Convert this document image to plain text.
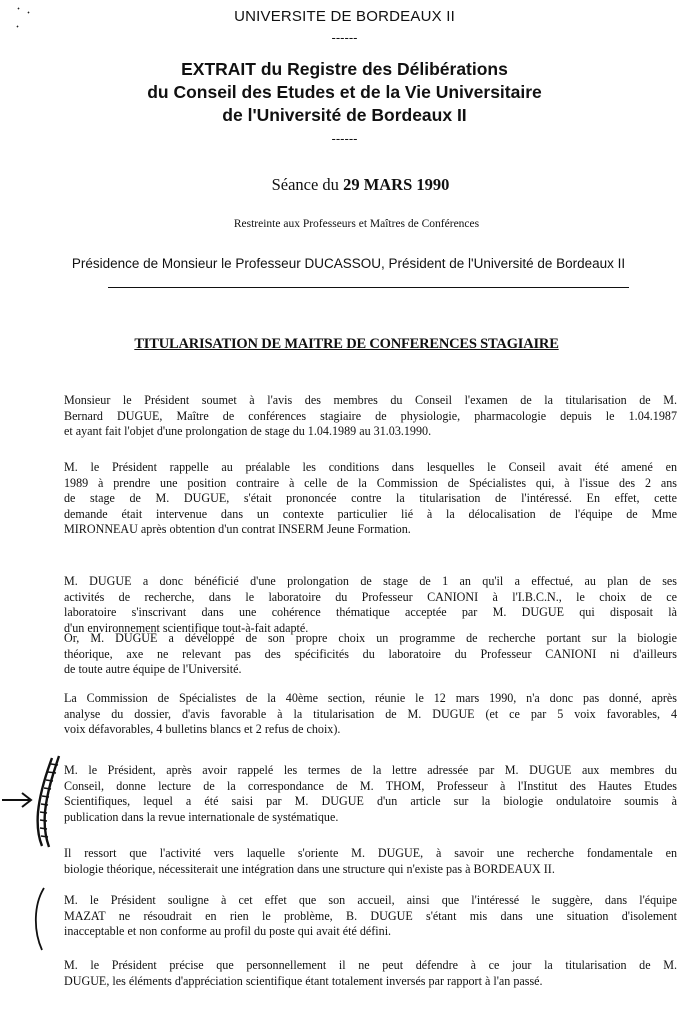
UNIVERSITE DE BORDEAUX II
------
EXTRAIT du Registre des Délibérations
du Conseil des Etudes et de la Vie Universitaire
de l'Université de Bordeaux II
------
Séance du 29 MARS 1990
Restreinte aux Professeurs et Maîtres de Conférences
Présidence de Monsieur le Professeur DUCASSOU, Président de l'Université de Bordeaux II
TITULARISATION DE MAITRE DE CONFERENCES STAGIAIRE
Monsieur le Président soumet à l'avis des membres du Conseil l'examen de la titularisation de M.
Bernard DUGUE, Maître de conférences stagiaire de physiologie, pharmacologie depuis le 1.04.1987
et ayant fait l'objet d'une prolongation de stage du 1.04.1989 au 31.03.1990.
M. le Président rappelle au préalable les conditions dans lesquelles le Conseil avait été amené en
1989 à prendre une position contraire à celle de la Commission de Spécialistes qui, à l'issue des 2 ans
de stage de M. DUGUE, s'était prononcée contre la titularisation de l'intéressé. En effet, cette
demande était intervenue dans un contexte particulier lié à la délocalisation de l'équipe de Mme
MIRONNEAU après obtention d'un contrat INSERM Jeune Formation.
M. DUGUE a donc bénéficié d'une prolongation de stage de 1 an qu'il a effectué, au plan de ses
activités de recherche, dans le laboratoire du Professeur CANIONI à l'I.B.C.N., le choix de ce
laboratoire s'inscrivant dans une cohérence thématique acceptée par M. DUGUE qui disposait là
d'un environnement scientifique tout-à-fait adapté.
Or, M. DUGUE a développé de son propre choix un programme de recherche portant sur la biologie
théorique, axe ne relevant pas des spécificités du laboratoire du Professeur CANIONI ni d'ailleurs
de toute autre équipe de l'Université.
La Commission de Spécialistes de la 40ème section, réunie le 12 mars 1990, n'a donc pas donné, après
analyse du dossier, d'avis favorable à la titularisation de M. DUGUE (et ce par 5 voix favorables, 4
voix défavorables, 4 bulletins blancs et 2 refus de choix).
M. le Président, après avoir rappelé les termes de la lettre adressée par M. DUGUE aux membres du
Conseil, donne lecture de la correspondance de M. THOM, Professeur à l'Institut des Hautes Etudes
Scientifiques, lequel a été saisi par M. DUGUE d'un article sur la biologie ondulatoire soumis à
publication dans la revue internationale de systématique.
Il ressort que l'activité vers laquelle s'oriente M. DUGUE, à savoir une recherche fondamentale en
biologie théorique, nécessiterait une intégration dans une structure qui n'existe pas à BORDEAUX II.
M. le Président souligne à cet effet que son accueil, ainsi que l'intéressé le suggère, dans l'équipe
MAZAT ne résoudrait en rien le problème, B. DUGUE s'étant mis dans une situation d'isolement
inacceptable et non conforme au profil du poste qui avait été défini.
M. le Président précise que personnellement il ne peut défendre à ce jour la titularisation de M.
DUGUE, les éléments d'appréciation scientifique étant totalement inversés par rapport à l'an passé.
